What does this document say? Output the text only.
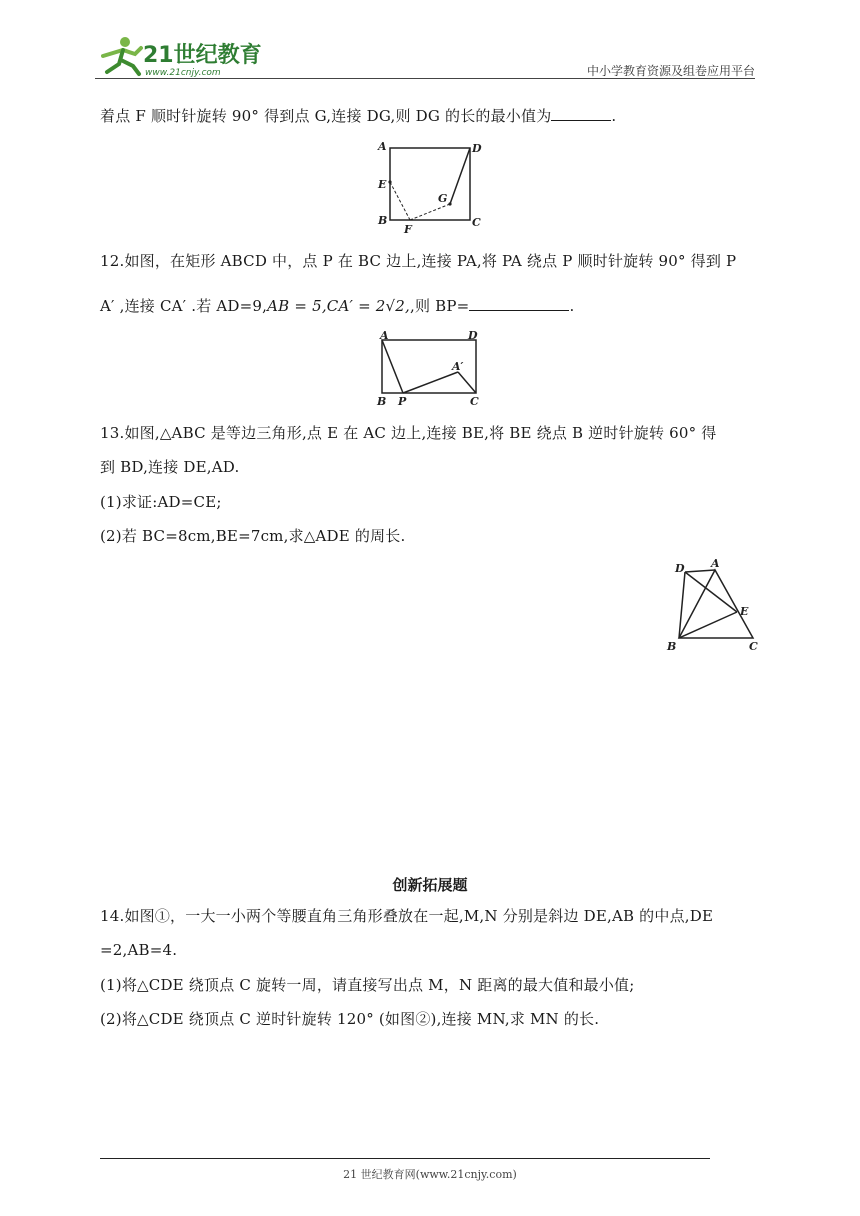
21世纪教育
www.21cnjy.com	中小学教育资源及组卷应用平台
着点 F 顺时针旋转 90° 得到点 G,连接 DG,则 DG 的长的最小值为	.
A	D
E
G
B
F
C
12.如图，在矩形 ABCD 中，点 P 在 BC 边上,连接 PA,将 PA 绕点 P 顺时针旋转 90° 得到 P
A′ ,连接 CA′ .若 AD=9,AB = 5,CA′ = 2√2,,则 BP=	.
A	D
A′
B P	C
13.如图,△ABC 是等边三角形,点 E 在 AC 边上,连接 BE,将 BE 绕点 B 逆时针旋转 60° 得
到 BD,连接 DE,AD.
(1)求证:AD=CE;
(2)若 BC=8cm,BE=7cm,求△ADE 的周长.
D A
E
B	C
创新拓展题
14.如图①，一大一小两个等腰直角三角形叠放在一起,M,N 分别是斜边 DE,AB 的中点,DE
=2,AB=4.
(1)将△CDE 绕顶点 C 旋转一周，请直接写出点 M，N 距离的最大值和最小值;
(2)将△CDE 绕顶点 C 逆时针旋转 120° (如图②),连接 MN,求 MN 的长.
21 世纪教育网(www.21cnjy.com)
